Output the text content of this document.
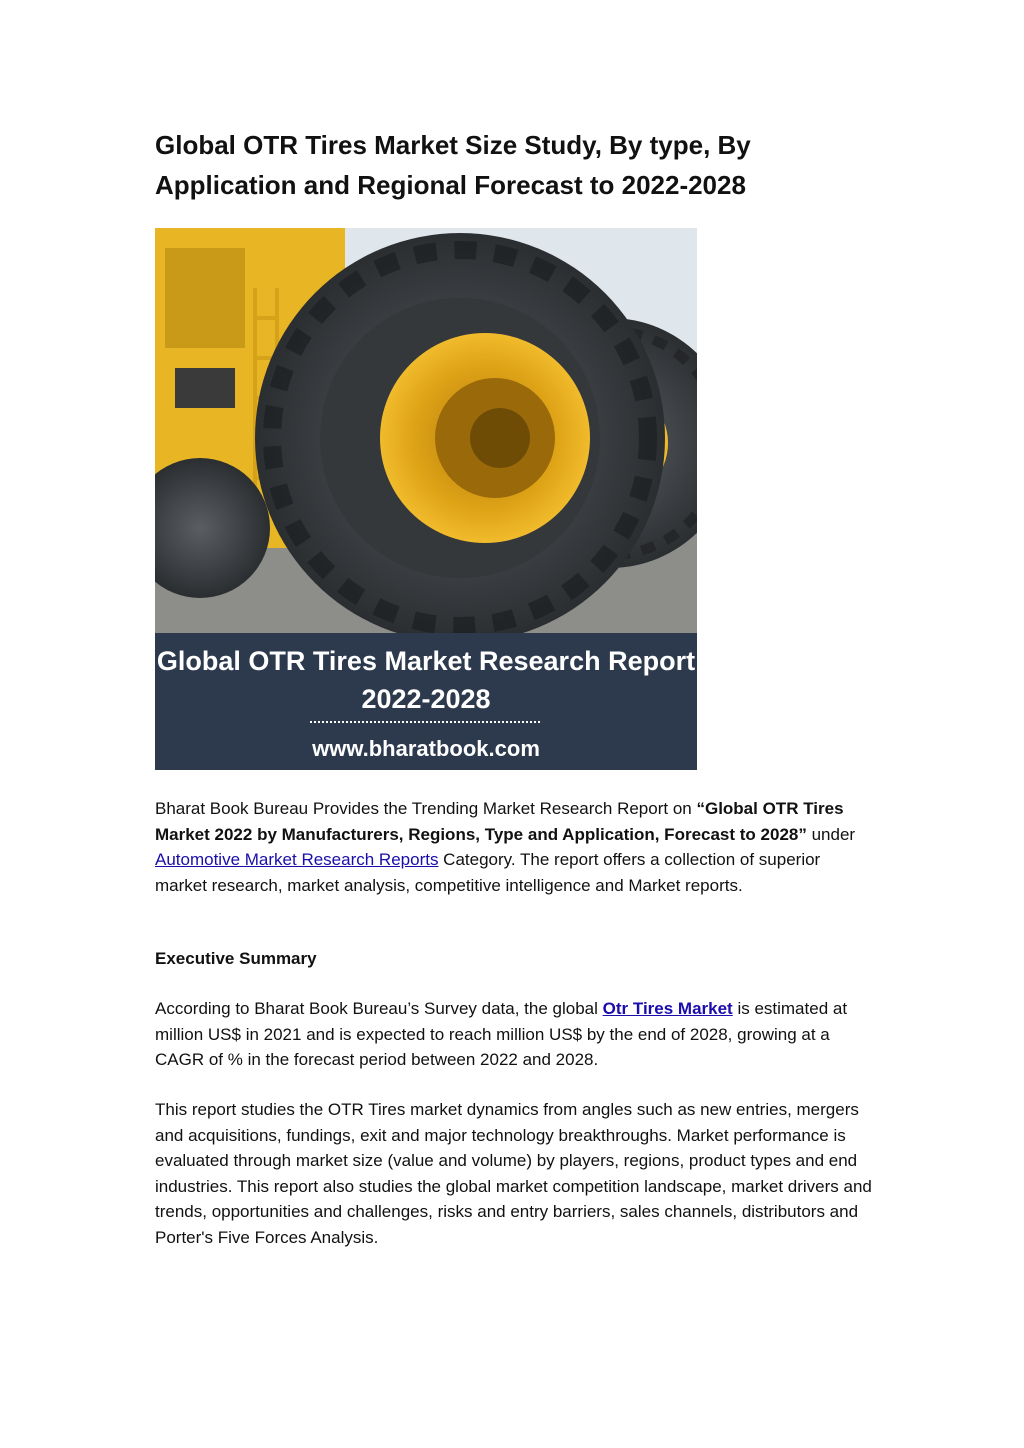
Global OTR Tires Market Size Study, By type, By Application and Regional Forecast to 2022-2028
Global OTR Tires Market Research Report
2022-2028
www.bharatbook.com
Bharat Book Bureau Provides the Trending Market Research Report on “Global OTR Tires Market 2022 by Manufacturers, Regions, Type and Application, Forecast to 2028” under Automotive Market Research Reports Category. The report offers a collection of superior market research, market analysis, competitive intelligence and Market reports.
Executive Summary
According to Bharat Book Bureau’s Survey data, the global Otr Tires Market is estimated at million US$ in 2021 and is expected to reach million US$ by the end of 2028, growing at a CAGR of % in the forecast period between 2022 and 2028.
This report studies the OTR Tires market dynamics from angles such as new entries, mergers and acquisitions, fundings, exit and major technology breakthroughs. Market performance is evaluated through market size (value and volume) by players, regions, product types and end industries. This report also studies the global market competition landscape, market drivers and trends, opportunities and challenges, risks and entry barriers, sales channels, distributors and Porter's Five Forces Analysis.
